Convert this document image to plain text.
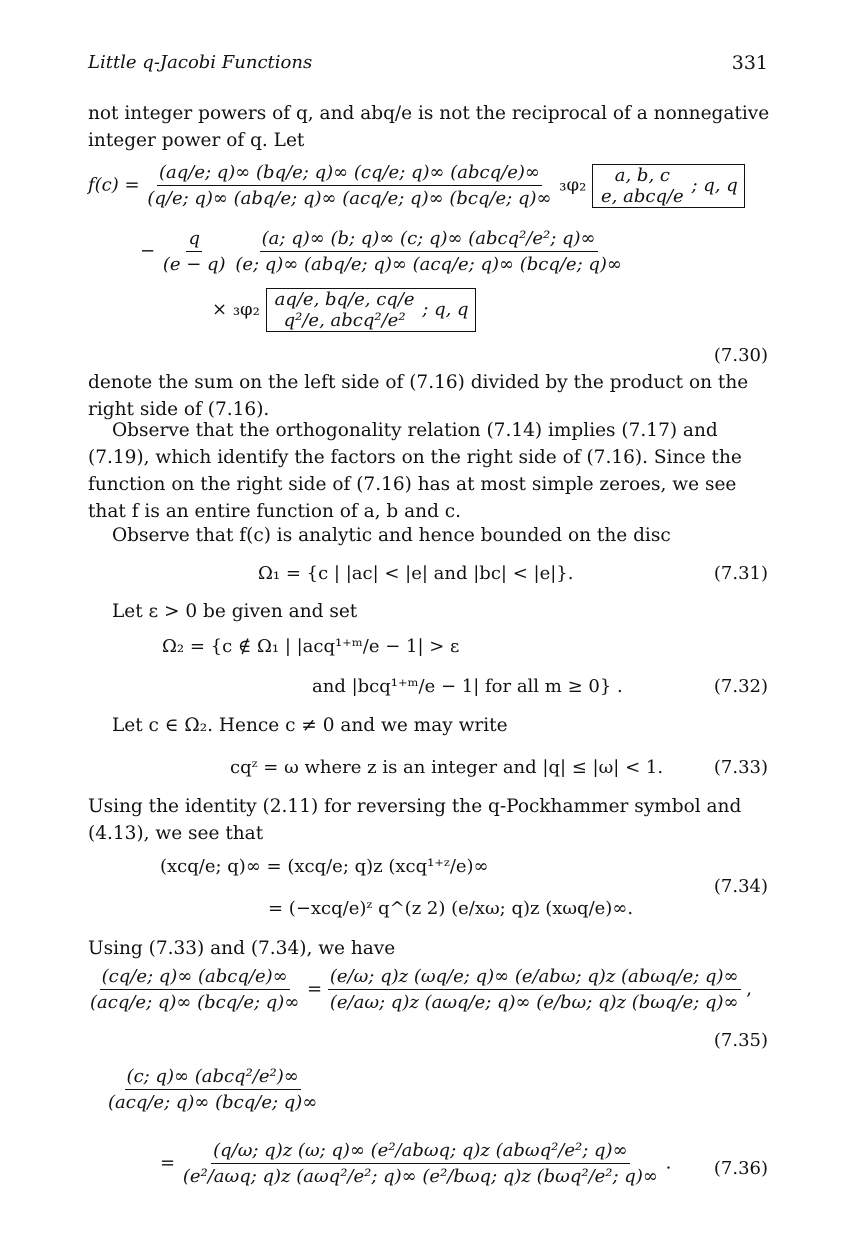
Little q-Jacobi Functions	331
not integer powers of q, and abq/e is not the reciprocal of a nonnegative integer power of q. Let
$f(c) = \frac{\text{(aq/e; q)∞ (bq/e; q)∞ (cq/e; q)∞ (abcq/e)∞}}{\text{(q/e; q)∞ (abq/e; q)∞ (acq/e; q)∞ (bcq/e; q)∞}} _3\varphi_2$ a, b, c
e, abcq/e
; q, q
− $\frac{q}{(e - q)}$
$\frac{\text{(a; q)∞ (b; q)∞ (c; q)∞ (abcq²/e²; q)∞}}{\text{(e; q)∞ (abq/e; q)∞ (acq/e; q)∞ (bcq/e; q)∞}}$
× ₃φ₂ aq/e, bq/e, cq/e
q²/e, abcq²/e²
; q, q
(7.30)
denote the sum on the left side of (7.16) divided by the product on the right side of (7.16).
Observe that the orthogonality relation (7.14) implies (7.17) and (7.19), which identify the factors on the right side of (7.16). Since the function on the right side of (7.16) has at most simple zeroes, we see that f is an entire function of a, b and c.
Observe that f(c) is analytic and hence bounded on the disc
Ω₁ = {c | |ac| < |e| and |bc| < |e|}.	(7.31)
Let ε > 0 be given and set
Ω₂ = {c ∉ Ω₁ | |acq¹⁺ᵐ/e − 1| > ε
and |bcq¹⁺ᵐ/e − 1| for all m ≥ 0} .	(7.32)
Let c ∈ Ω₂. Hence c ≠ 0 and we may write
cqᶻ = ω where z is an integer and |q| ≤ |ω| < 1.	(7.33)
Using the identity (2.11) for reversing the q-Pockhammer symbol and (4.13), we see that
(xcq/e; q)∞ = (xcq/e; q)z (xcq¹⁺ᶻ/e)∞
= (−xcq/e)ᶻ q^(z 2) (e/xω; q)z (xωq/e)∞.
(7.34)
Using (7.33) and (7.34), we have
$\frac{\text{(cq/e; q)∞ (abcq/e)∞}}{\text{(acq/e; q)∞ (bcq/e; q)∞}} = \frac{\text{(e/ω; q)z (ωq/e; q)∞ (e/abω; q)z (abωq/e; q)∞}}{\text{(e/aω; q)z (aωq/e; q)∞ (e/bω; q)z (bωq/e; q)∞}}$ ,
(7.35)
$\frac{\text{(c; q)∞ (abcq²/e²)∞}}{\text{(acq/e; q)∞ (bcq/e; q)∞}}$
= $\frac{\text{(q/ω; q)z (ω; q)∞ (e²/abωq; q)z (abωq²/e²; q)∞}}{\text{(e²/aωq; q)z (aωq²/e²; q)∞ (e²/bωq; q)z (bωq²/e²; q)∞}}$ . (7.36)
